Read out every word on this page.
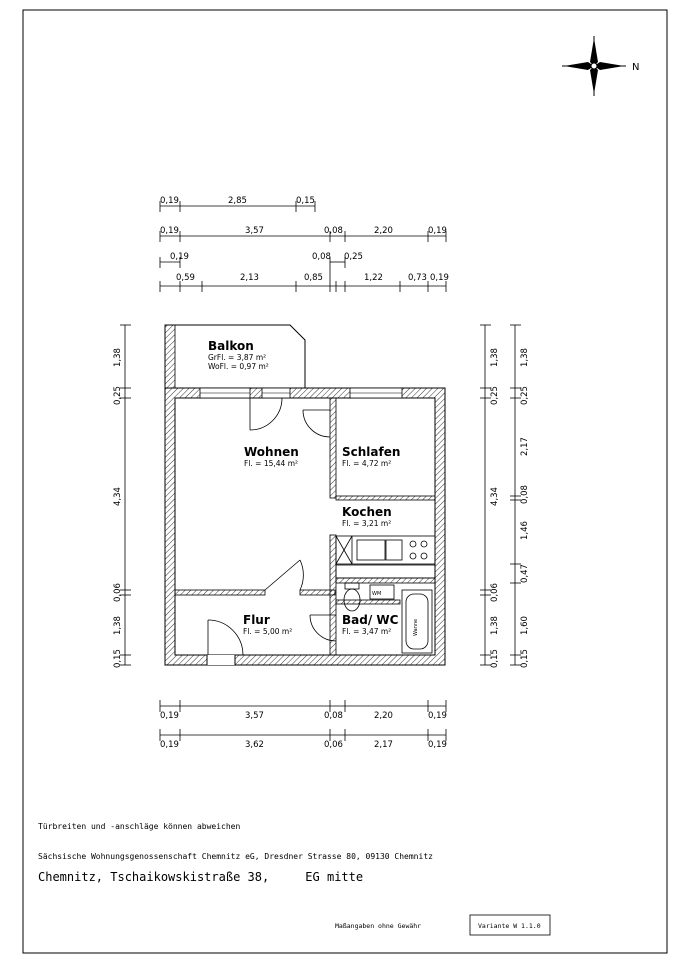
N
0,19	2,85	0,15
0,19	3,57	0,08	2,20	0,19
0,19	0,08 0,25
0,59	2,13	0,85	1,22	0,73 0,19
WM
Wanne
Balkon
GrFl. = 3,87 m²
WoFl. = 0,97 m²
Wohnen
Fl. = 15,44 m²
Schlafen
Fl. = 4,72 m²
Kochen
Fl. = 3,21 m²
Flur
Fl. = 5,00 m²
Bad/ WC
Fl. = 3,47 m²
1,38
0,25
4,34
0,06
1,38
0,15
1,38
0,25
4,34
0,06
1,38
0,15
1,38
0,25
2,17
0,08
1,46
0,47
1,60
0,15
0,19	3,57	0,08	2,20	0,19
0,19	3,62	0,06	2,17	0,19
Türbreiten und -anschläge können abweichen
Sächsische Wohnungsgenossenschaft Chemnitz eG, Dresdner Strasse 80, 09130 Chemnitz
Chemnitz, Tschaikowskistraße 38,     EG mitte
Maßangaben ohne Gewähr	Variante W 1.1.0
